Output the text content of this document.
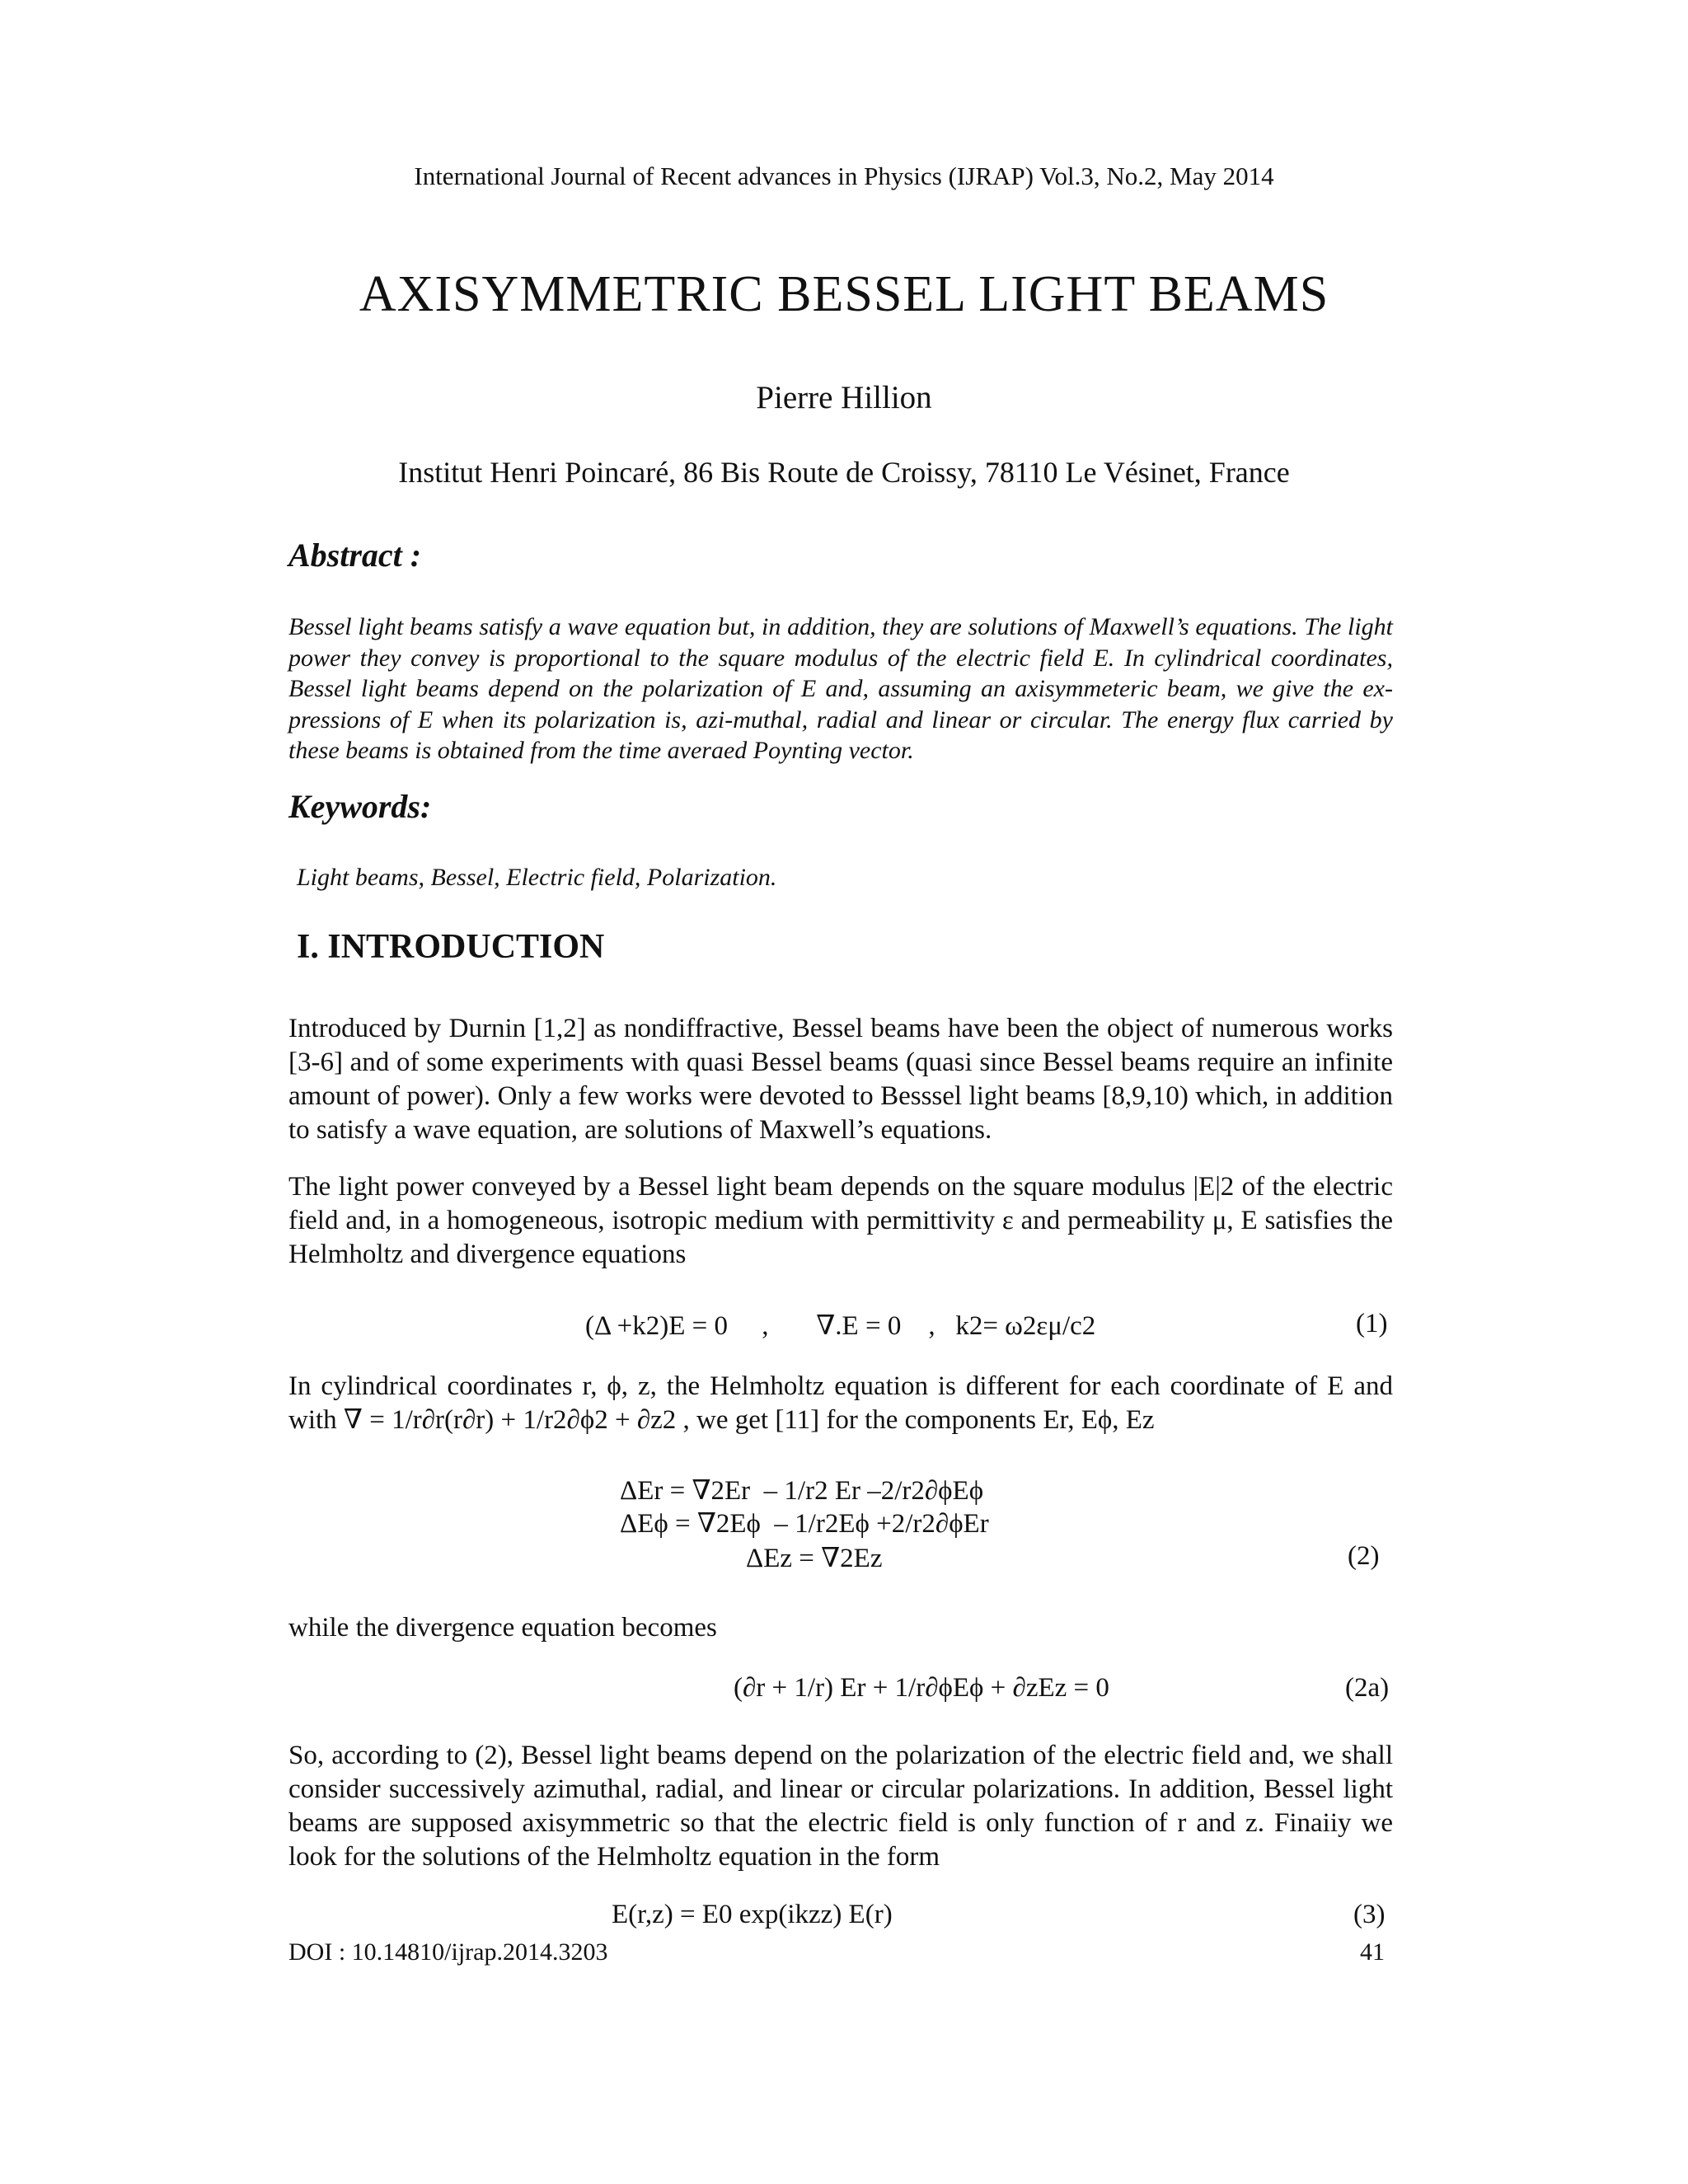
International Journal of Recent advances in Physics (IJRAP) Vol.3, No.2, May 2014
AXISYMMETRIC BESSEL LIGHT BEAMS
Pierre Hillion
Institut Henri Poincaré, 86 Bis Route de Croissy, 78110 Le Vésinet, France
Abstract :
Bessel light beams satisfy a wave equation but, in addition, they are solutions of Maxwell’s equations. The light power they convey is proportional to the square modulus of the electric field E. In cylindrical coordinates, Bessel light beams depend on the polarization of E and, assuming an axisymmeteric beam, we give the ex-pressions of E when its polarization is, azi-muthal, radial and linear or circular. The energy flux carried by these beams is obtained from the time averaed Poynting vector.
Keywords:
Light beams, Bessel, Electric field, Polarization.
I. INTRODUCTION
Introduced by Durnin [1,2] as nondiffractive, Bessel beams have been the object of numerous works [3-6] and of some experiments with quasi Bessel beams (quasi since Bessel beams require an infinite amount of power). Only a few works were devoted to Besssel light beams [8,9,10) which, in addition to satisfy a wave equation, are solutions of Maxwell’s equations.
The light power conveyed by a Bessel light beam depends on the square modulus |E|2 of the electric field and, in a homogeneous, isotropic medium with permittivity ε and permeability μ, E satisfies the Helmholtz and divergence equations
(Δ +k2)E = 0     ,       ∇.E = 0    ,   k2= ω2εμ/c2	(1)
In cylindrical coordinates r, ϕ, z, the Helmholtz equation is different for each coordinate of E and with ∇ = 1/r∂r(r∂r) + 1/r2∂ϕ2 + ∂z2 , we get [11] for the components Er, Eϕ, Ez
ΔEr = ∇2Er  – 1/r2 Er –2/r2∂ϕEϕ
ΔEϕ = ∇2Eϕ  – 1/r2Eϕ +2/r2∂ϕEr
ΔEz = ∇2Ez	(2)
while the divergence equation becomes
(∂r + 1/r) Er + 1/r∂ϕEϕ + ∂zEz = 0	(2a)
So, according to (2), Bessel light beams depend on the polarization of the electric field and, we shall consider successively azimuthal, radial, and linear or circular polarizations. In addition, Bessel light beams are supposed axisymmetric so that the electric field is only function of r and z. Finaiiy we look for the solutions of the Helmholtz equation in the form
E(r,z) = E0 exp(ikzz) E(r)	(3)
DOI : 10.14810/ijrap.2014.3203	41
